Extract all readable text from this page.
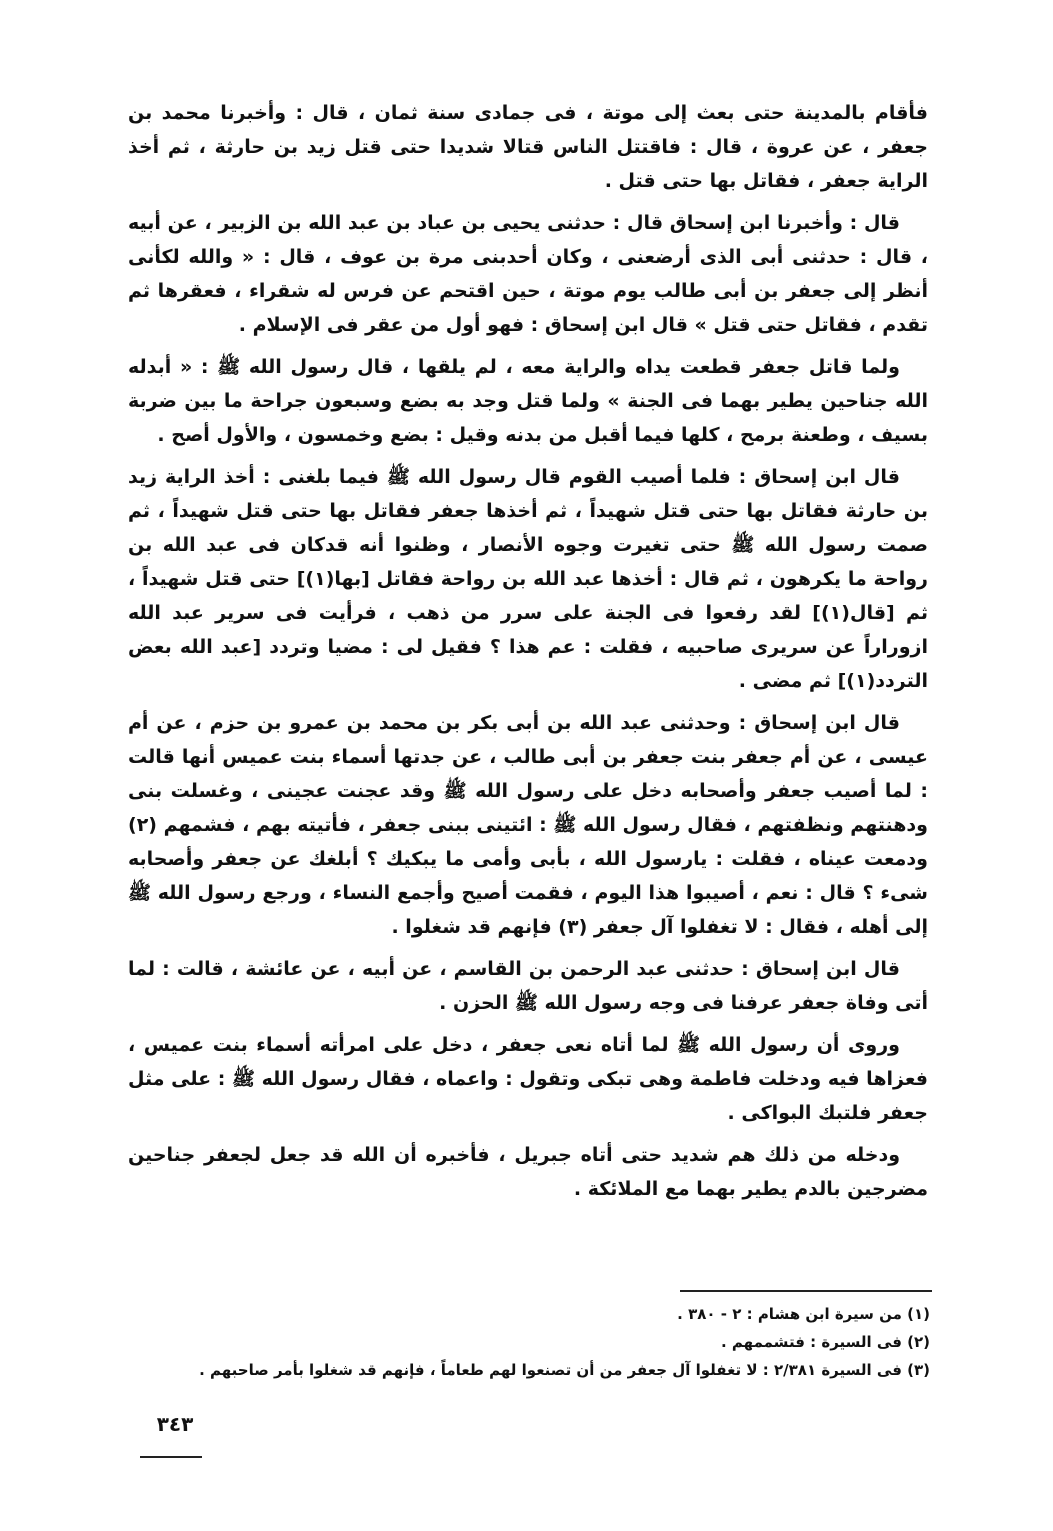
فأقام بالمدينة حتى بعث إلى موتة ، فى جمادى سنة ثمان ، قال : وأخبرنا محمد بن جعفر ، عن عروة ، قال : فاقتتل الناس قتالا شديدا حتى قتل زيد بن حارثة ، ثم أخذ الراية جعفر ، فقاتل بها حتى قتل .

قال : وأخبرنا ابن إسحاق قال : حدثنى يحيى بن عباد بن عبد الله بن الزبير ، عن أبيه ، قال : حدثنى أبى الذى أرضعنى ، وكان أحدبنى مرة بن عوف ، قال : « والله لكأنى أنظر إلى جعفر بن أبى طالب يوم موتة ، حين اقتحم عن فرس له شقراء ، فعقرها ثم تقدم ، فقاتل حتى قتل » قال ابن إسحاق : فهو أول من عقر فى الإسلام .

ولما قاتل جعفر قطعت يداه والراية معه ، لم يلقها ، قال رسول الله ﷺ : « أبدله الله جناحين يطير بهما فى الجنة » ولما قتل وجد به بضع وسبعون جراحة ما بين ضربة بسيف ، وطعنة برمح ، كلها فيما أقبل من بدنه وقيل : بضع وخمسون ، والأول أصح .

قال ابن إسحاق : فلما أصيب القوم قال رسول الله ﷺ فيما بلغنى : أخذ الراية زيد بن حارثة فقاتل بها حتى قتل شهيداً ، ثم أخذها جعفر فقاتل بها حتى قتل شهيداً ، ثم صمت رسول الله ﷺ حتى تغيرت وجوه الأنصار ، وظنوا أنه قدكان فى عبد الله بن رواحة ما يكرهون ، ثم قال : أخذها عبد الله بن رواحة فقاتل [بها(١)] حتى قتل شهيداً ، ثم [قال(١)] لقد رفعوا فى الجنة على سرر من ذهب ، فرأيت فى سرير عبد الله ازوراراً عن سريرى صاحبيه ، فقلت : عم هذا ؟ فقيل لى : مضيا وتردد [عبد الله بعض التردد(١)] ثم مضى .

قال ابن إسحاق : وحدثنى عبد الله بن أبى بكر بن محمد بن عمرو بن حزم ، عن أم عيسى ، عن أم جعفر بنت جعفر بن أبى طالب ، عن جدتها أسماء بنت عميس أنها قالت : لما أصيب جعفر وأصحابه دخل على رسول الله ﷺ وقد عجنت عجينى ، وغسلت بنى ودهنتهم ونظفتهم ، فقال رسول الله ﷺ : ائتينى ببنى جعفر ، فأتيته بهم ، فشمهم (٢) ودمعت عيناه ، فقلت : يارسول الله ، بأبى وأمى ما يبكيك ؟ أبلغك عن جعفر وأصحابه شىء ؟ قال : نعم ، أصيبوا هذا اليوم ، فقمت أصيح وأجمع النساء ، ورجع رسول الله ﷺ إلى أهله ، فقال : لا تغفلوا آل جعفر (٣) فإنهم قد شغلوا .

قال ابن إسحاق : حدثنى عبد الرحمن بن القاسم ، عن أبيه ، عن عائشة ، قالت : لما أتى وفاة جعفر عرفنا فى وجه رسول الله ﷺ الحزن .

وروى أن رسول الله ﷺ لما أتاه نعى جعفر ، دخل على امرأته أسماء بنت عميس ، فعزاها فيه ودخلت فاطمة وهى تبكى وتقول : واعماه ، فقال رسول الله ﷺ : على مثل جعفر فلتبك البواكى .

ودخله من ذلك هم شديد حتى أتاه جبريل ، فأخبره أن الله قد جعل لجعفر جناحين مضرجين بالدم يطير بهما مع الملائكة .

(١) من سيرة ابن هشام : ٢ - ٣٨٠ .

(٢) فى السيرة : فتشممهم .

(٣) فى السيرة ٢/٣٨١ : لا تغفلوا آل جعفر من أن تصنعوا لهم طعاماً ، فإنهم قد شغلوا بأمر صاحبهم .

٣٤٣
